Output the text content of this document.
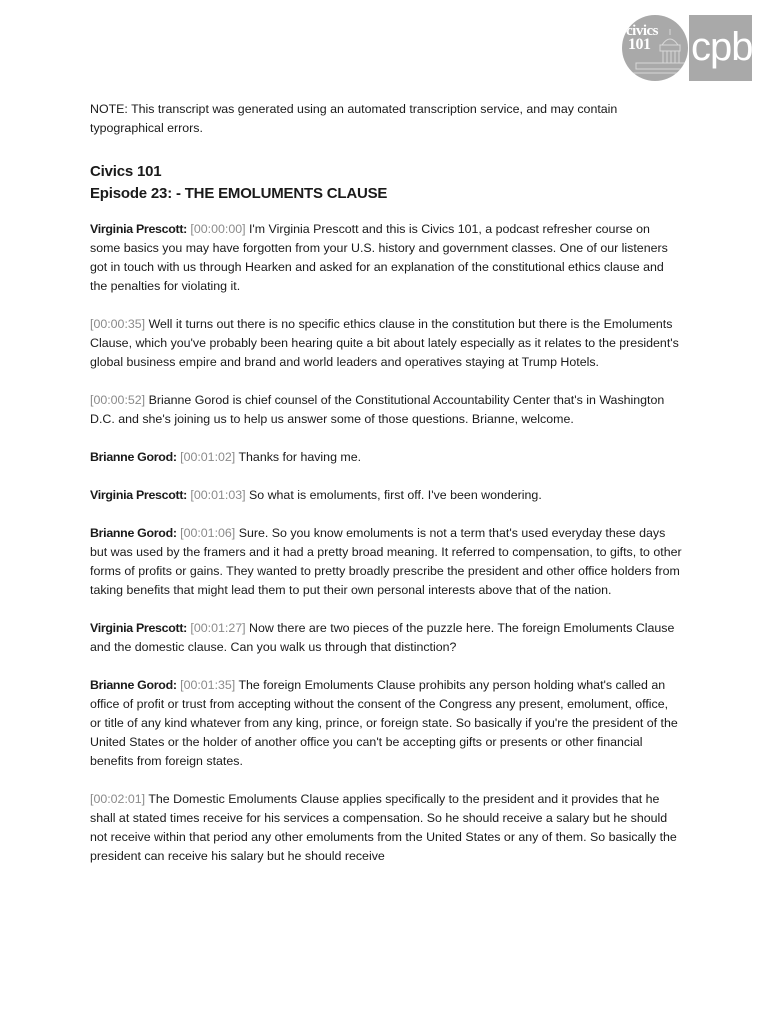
civics
101 cpb

NOTE: This transcript was generated using an automated transcription service, and may contain typographical errors.

Civics 101
Episode 23: - THE EMOLUMENTS CLAUSE

Virginia Prescott: [00:00:00] I'm Virginia Prescott and this is Civics 101, a podcast refresher course on some basics you may have forgotten from your U.S. history and government classes. One of our listeners got in touch with us through Hearken and asked for an explanation of the constitutional ethics clause and the penalties for violating it.

[00:00:35] Well it turns out there is no specific ethics clause in the constitution but there is the Emoluments Clause, which you've probably been hearing quite a bit about lately especially as it relates to the president's global business empire and brand and world leaders and operatives staying at Trump Hotels.

[00:00:52] Brianne Gorod is chief counsel of the Constitutional Accountability Center that's in Washington D.C. and she's joining us to help us answer some of those questions. Brianne, welcome.

Brianne Gorod: [00:01:02] Thanks for having me.

Virginia Prescott: [00:01:03] So what is emoluments, first off. I've been wondering.

Brianne Gorod: [00:01:06] Sure. So you know emoluments is not a term that's used everyday these days but was used by the framers and it had a pretty broad meaning. It referred to compensation, to gifts, to other forms of profits or gains. They wanted to pretty broadly prescribe the president and other office holders from taking benefits that might lead them to put their own personal interests above that of the nation.

Virginia Prescott: [00:01:27] Now there are two pieces of the puzzle here. The foreign Emoluments Clause and the domestic clause. Can you walk us through that distinction?

Brianne Gorod: [00:01:35] The foreign Emoluments Clause prohibits any person holding what's called an office of profit or trust from accepting without the consent of the Congress any present, emolument, office, or title of any kind whatever from any king, prince, or foreign state. So basically if you're the president of the United States or the holder of another office you can't be accepting gifts or presents or other financial benefits from foreign states.

[00:02:01] The Domestic Emoluments Clause applies specifically to the president and it provides that he shall at stated times receive for his services a compensation. So he should receive a salary but he should not receive within that period any other emoluments from the United States or any of them. So basically the president can receive his salary but he should receive
